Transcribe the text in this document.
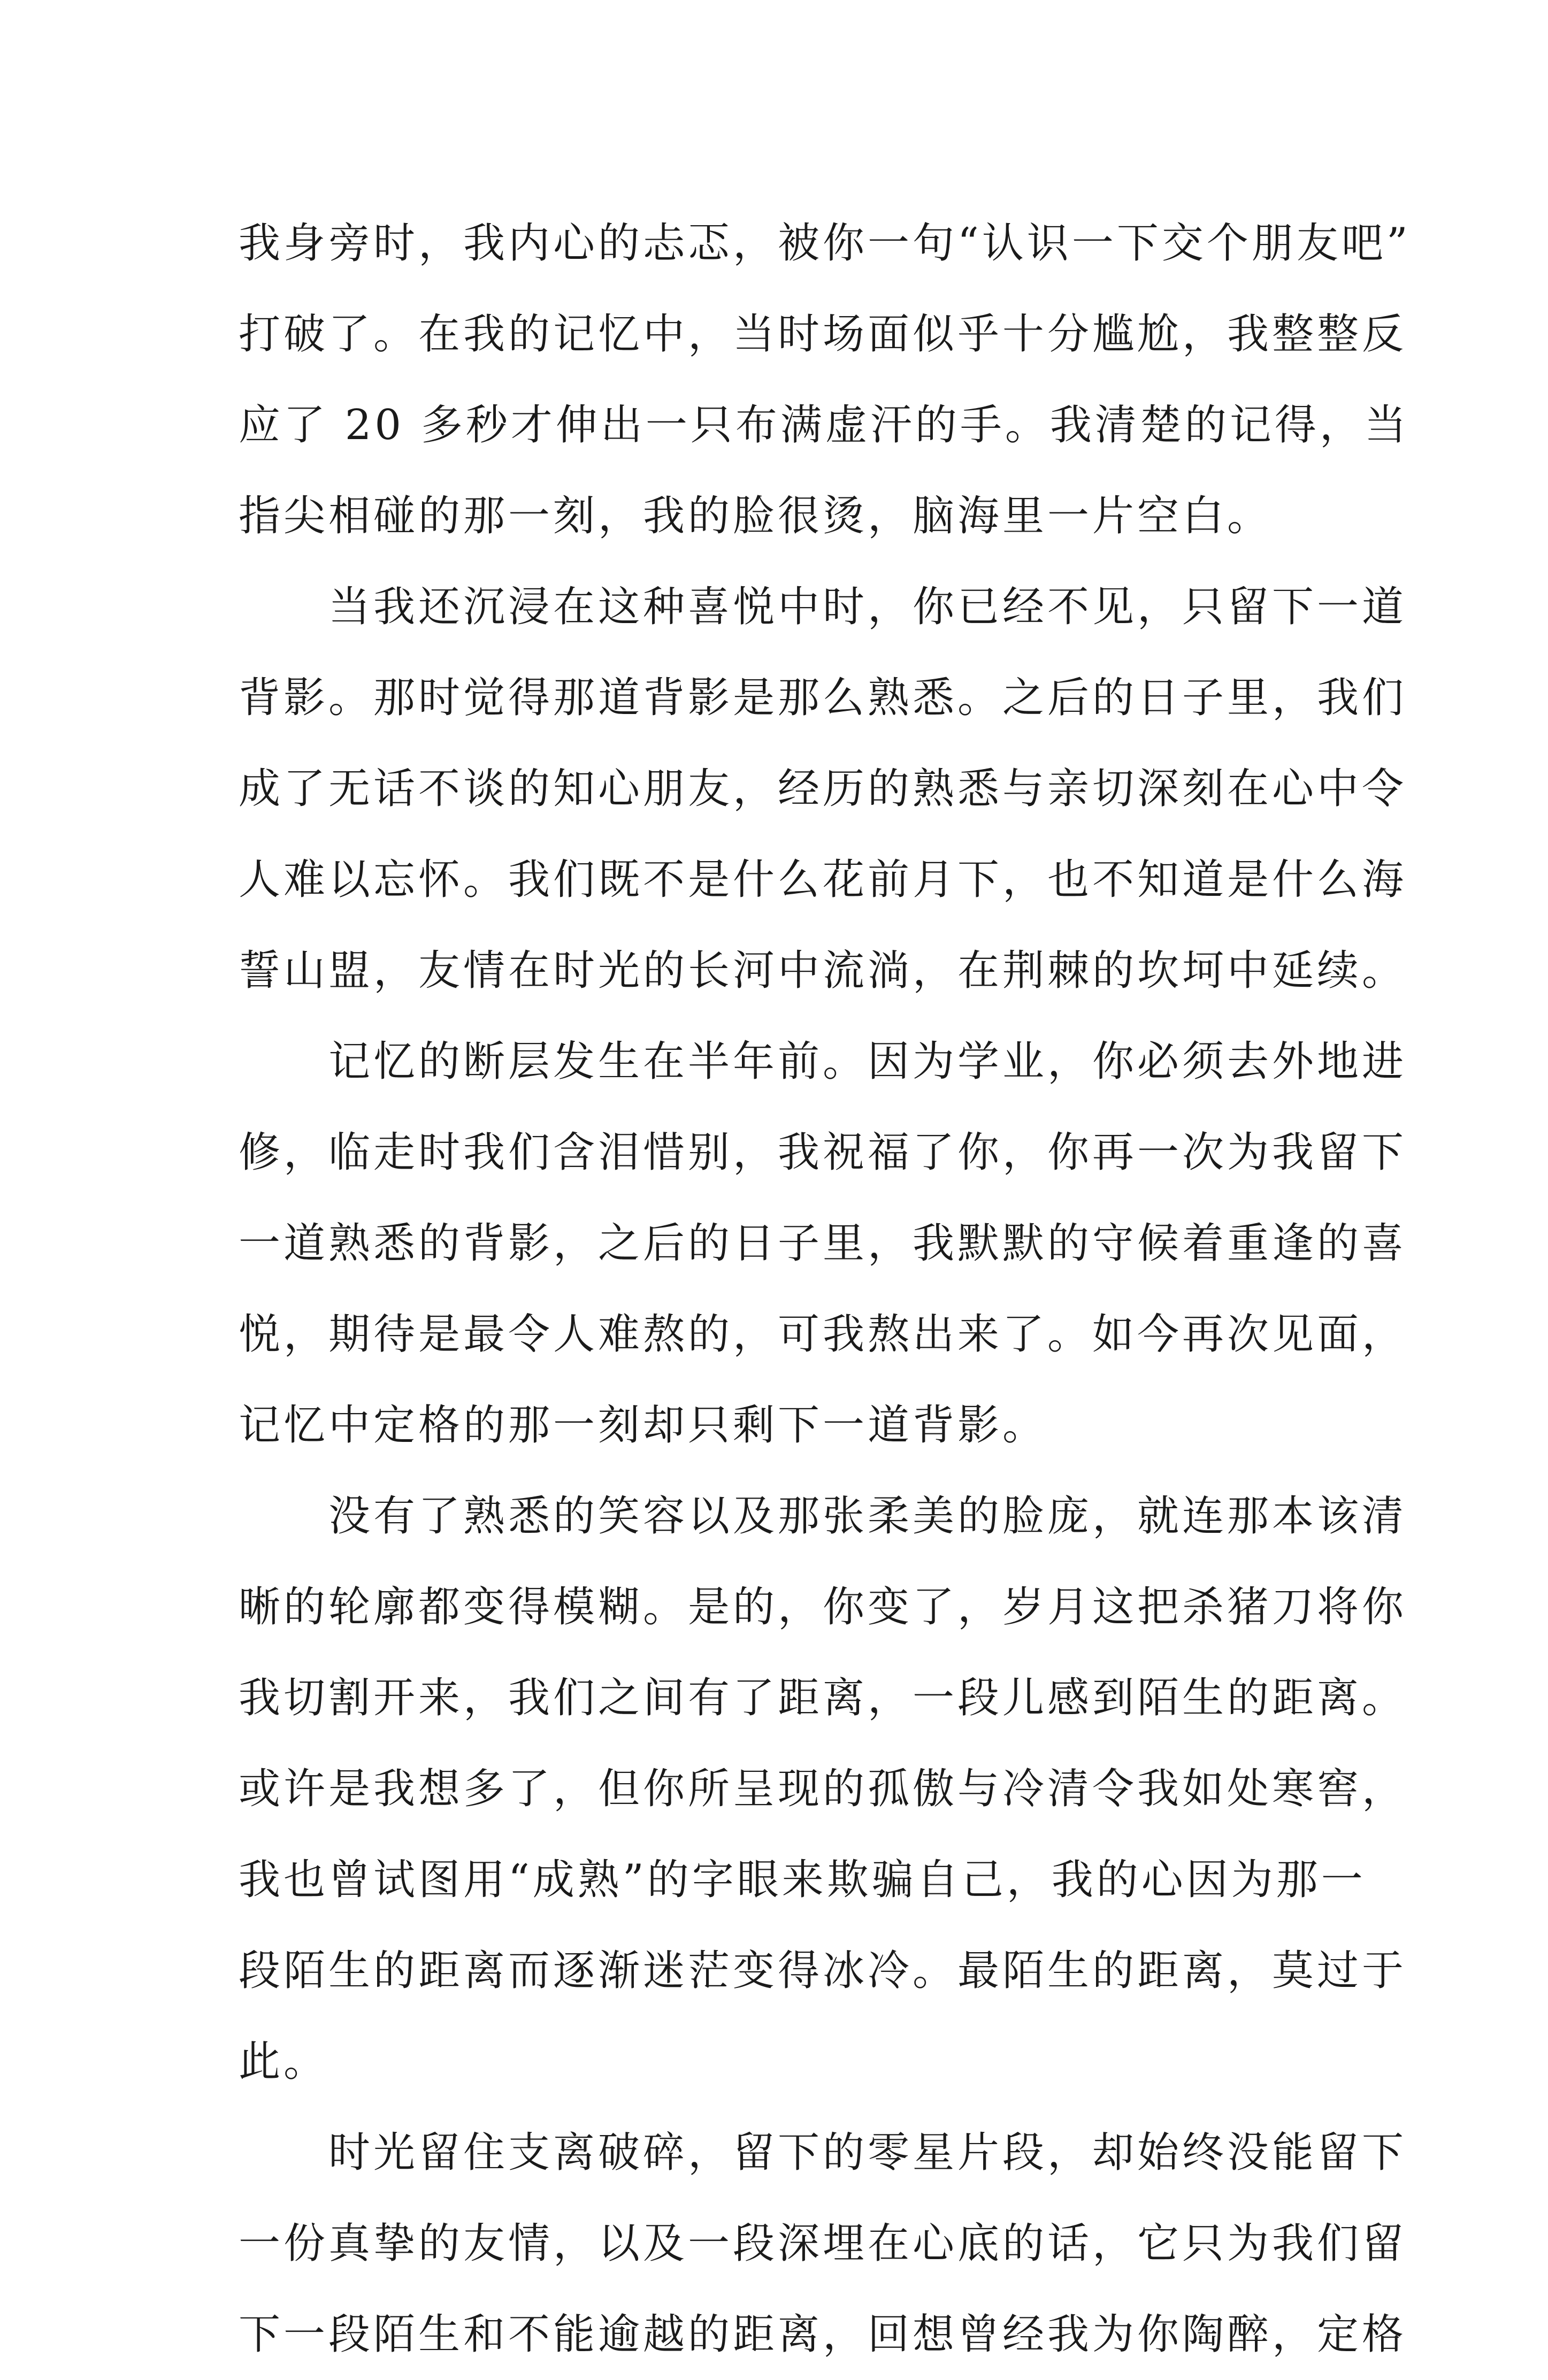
我身旁时，我内心的忐忑，被你一句“认识一下交个朋友吧”
打破了。在我的记忆中，当时场面似乎十分尴尬，我整整反
应了 20 多秒才伸出一只布满虚汗的手。我清楚的记得，当
指尖相碰的那一刻，我的脸很烫，脑海里一片空白。
　　当我还沉浸在这种喜悦中时，你已经不见，只留下一道
背影。那时觉得那道背影是那么熟悉。之后的日子里，我们
成了无话不谈的知心朋友，经历的熟悉与亲切深刻在心中令
人难以忘怀。我们既不是什么花前月下，也不知道是什么海
誓山盟，友情在时光的长河中流淌，在荆棘的坎坷中延续。
　　记忆的断层发生在半年前。因为学业，你必须去外地进
修，临走时我们含泪惜别，我祝福了你，你再一次为我留下
一道熟悉的背影，之后的日子里，我默默的守候着重逢的喜
悦，期待是最令人难熬的，可我熬出来了。如今再次见面，
记忆中定格的那一刻却只剩下一道背影。
　　没有了熟悉的笑容以及那张柔美的脸庞，就连那本该清
晰的轮廓都变得模糊。是的，你变了，岁月这把杀猪刀将你
我切割开来，我们之间有了距离，一段儿感到陌生的距离。
或许是我想多了，但你所呈现的孤傲与冷清令我如处寒窖，
我也曾试图用“成熟”的字眼来欺骗自己，我的心因为那一
段陌生的距离而逐渐迷茫变得冰冷。最陌生的距离，莫过于
此。
　　时光留住支离破碎，留下的零星片段，却始终没能留下
一份真挚的友情，以及一段深埋在心底的话，它只为我们留
下一段陌生和不能逾越的距离，回想曾经我为你陶醉，定格
